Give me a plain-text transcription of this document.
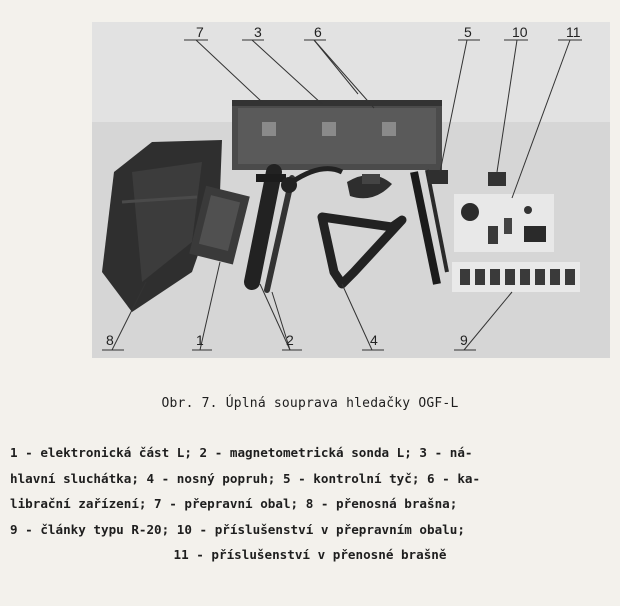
7	3	6	5	10	11
8	1	2	4	9
Obr. 7. Úplná souprava hledačky OGF-L
1 - elektronická část L; 2 - magnetometrická sonda L; 3 - ná-
hlavní sluchátka; 4 - nosný popruh; 5 - kontrolní tyč; 6 - ka-
librační zařízení; 7 - přepravní obal; 8 - přenosná brašna;
9 - články typu R-20; 10 - příslušenství v přepravním obalu;
11 - příslušenství v přenosné brašně
